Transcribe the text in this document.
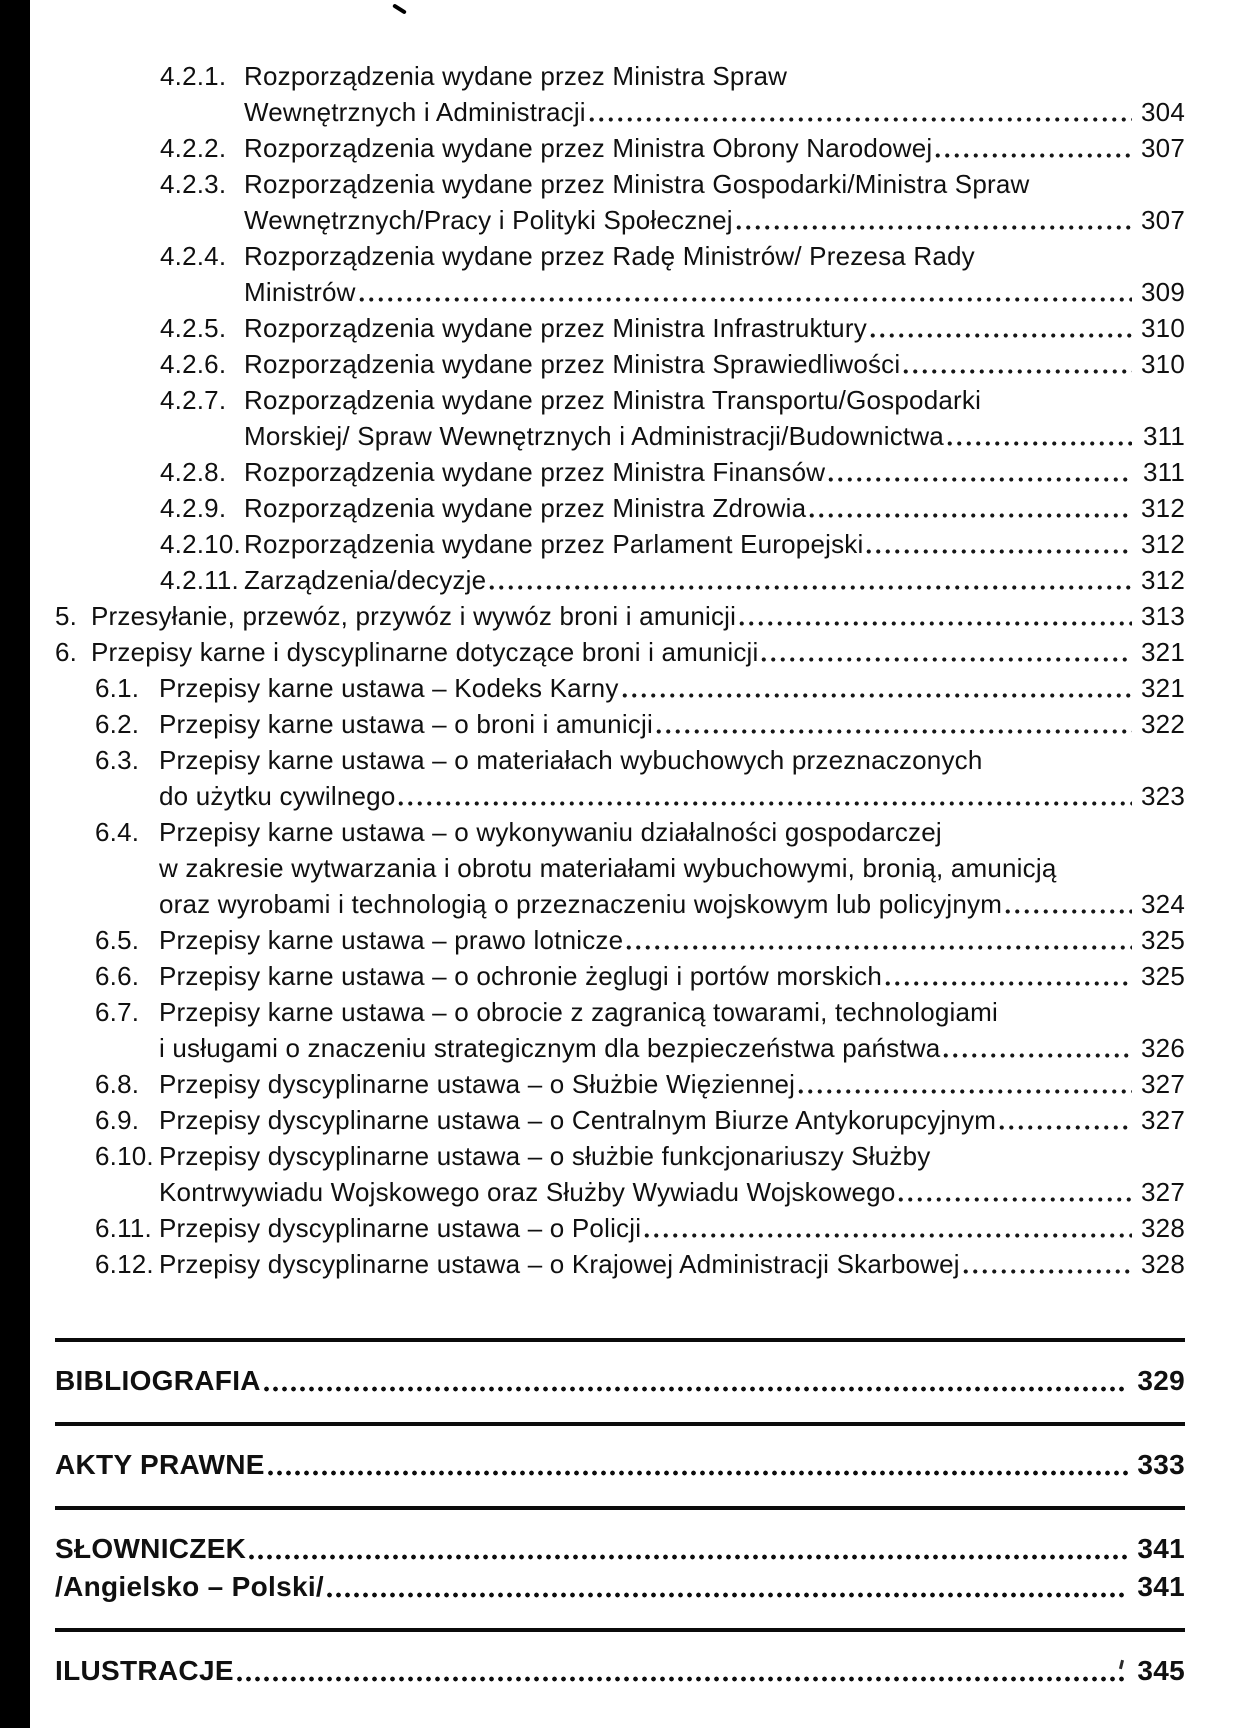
4.2.1. Rozporządzenia wydane przez Ministra Spraw
Wewnętrznych i Administracji	304
4.2.2. Rozporządzenia wydane przez Ministra Obrony Narodowej	307
4.2.3. Rozporządzenia wydane przez Ministra Gospodarki/Ministra Spraw
Wewnętrznych/Pracy i Polityki Społecznej	307
4.2.4. Rozporządzenia wydane przez Radę Ministrów/ Prezesa Rady
Ministrów	309
4.2.5. Rozporządzenia wydane przez Ministra Infrastruktury	310
4.2.6. Rozporządzenia wydane przez Ministra Sprawiedliwości	310
4.2.7. Rozporządzenia wydane przez Ministra Transportu/Gospodarki
Morskiej/ Spraw Wewnętrznych i Administracji/Budownictwa	311
4.2.8. Rozporządzenia wydane przez Ministra Finansów	311
4.2.9. Rozporządzenia wydane przez Ministra Zdrowia	312
4.2.10. Rozporządzenia wydane przez Parlament Europejski	312
4.2.11. Zarządzenia/decyzje	312
5. Przesyłanie, przewóz, przywóz i wywóz broni i amunicji	313
6. Przepisy karne i dyscyplinarne dotyczące broni i amunicji	321
6.1. Przepisy karne ustawa – Kodeks Karny	321
6.2. Przepisy karne ustawa – o broni i amunicji	322
6.3. Przepisy karne ustawa – o materiałach wybuchowych przeznaczonych
do użytku cywilnego	323
6.4. Przepisy karne ustawa – o wykonywaniu działalności gospodarczej
w zakresie wytwarzania i obrotu materiałami wybuchowymi, bronią, amunicją
oraz wyrobami i technologią o przeznaczeniu wojskowym lub policyjnym	324
6.5. Przepisy karne ustawa – prawo lotnicze	325
6.6. Przepisy karne ustawa – o ochronie żeglugi i portów morskich	325
6.7. Przepisy karne ustawa – o obrocie z zagranicą towarami, technologiami
i usługami o znaczeniu strategicznym dla bezpieczeństwa państwa	326
6.8. Przepisy dyscyplinarne ustawa – o Służbie Więziennej	327
6.9. Przepisy dyscyplinarne ustawa – o Centralnym Biurze Antykorupcyjnym	327
6.10. Przepisy dyscyplinarne ustawa – o służbie funkcjonariuszy Służby
Kontrwywiadu Wojskowego oraz Służby Wywiadu Wojskowego	327
6.11. Przepisy dyscyplinarne ustawa – o Policji	328
6.12. Przepisy dyscyplinarne ustawa – o Krajowej Administracji Skarbowej	328
BIBLIOGRAFIA	329
AKTY PRAWNE	333
SŁOWNICZEK	341
/Angielsko – Polski/	341
ILUSTRACJE	345
